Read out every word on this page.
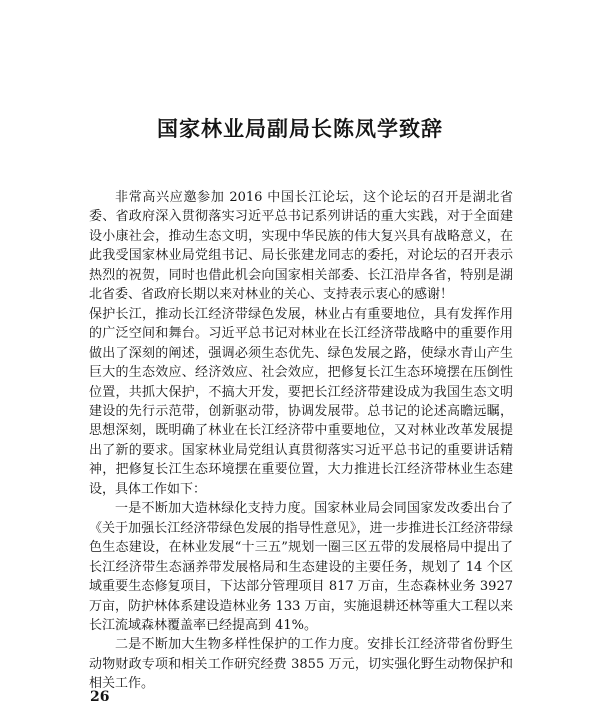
国家林业局副局长陈凤学致辞

非常高兴应邀参加 2016 中国长江论坛，这个论坛的召开是湖北省委、省政府深入贯彻落实习近平总书记系列讲话的重大实践，对于全面建设小康社会，推动生态文明，实现中华民族的伟大复兴具有战略意义，在此我受国家林业局党组书记、局长张建龙同志的委托，对论坛的召开表示热烈的祝贺，同时也借此机会向国家相关部委、长江沿岸各省，特别是湖北省委、省政府长期以来对林业的关心、支持表示衷心的感谢！

保护长江，推动长江经济带绿色发展，林业占有重要地位，具有发挥作用的广泛空间和舞台。习近平总书记对林业在长江经济带战略中的重要作用做出了深刻的阐述，强调必须生态优先、绿色发展之路，使绿水青山产生巨大的生态效应、经济效应、社会效应，把修复长江生态环境摆在压倒性位置，共抓大保护，不搞大开发，要把长江经济带建设成为我国生态文明建设的先行示范带，创新驱动带，协调发展带。总书记的论述高瞻远瞩，思想深刻，既明确了林业在长江经济带中重要地位，又对林业改革发展提出了新的要求。国家林业局党组认真贯彻落实习近平总书记的重要讲话精神，把修复长江生态环境摆在重要位置，大力推进长江经济带林业生态建设，具体工作如下：

一是不断加大造林绿化支持力度。国家林业局会同国家发改委出台了《关于加强长江经济带绿色发展的指导性意见》，进一步推进长江经济带绿色生态建设，在林业发展“十三五”规划一圈三区五带的发展格局中提出了长江经济带生态涵养带发展格局和生态建设的主要任务，规划了 14 个区域重要生态修复项目，下达部分管理项目 817 万亩，生态森林业务 3927 万亩，防护林体系建设造林业务 133 万亩，实施退耕还林等重大工程以来长江流域森林覆盖率已经提高到 41%。

二是不断加大生物多样性保护的工作力度。安排长江经济带省份野生动物财政专项和相关工作研究经费 3855 万元，切实强化野生动物保护和相关工作。

26
